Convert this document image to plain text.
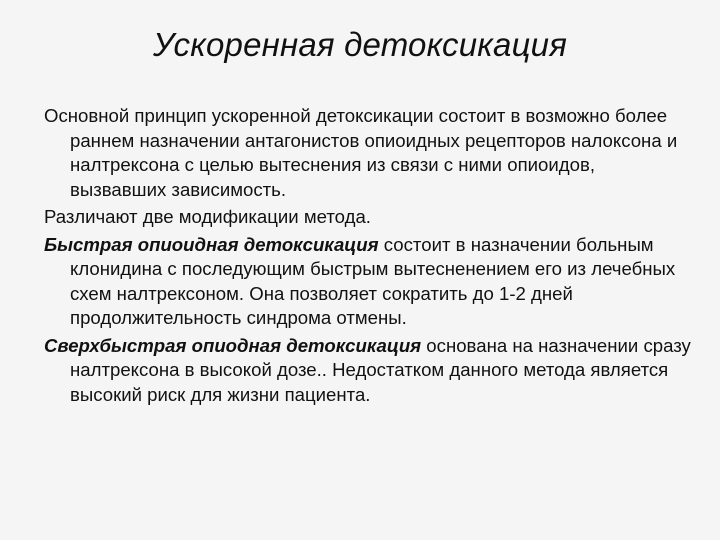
Ускоренная детоксикация

Основной принцип ускоренной детоксикации состоит в возможно более раннем назначении антагонистов опиоидных рецепторов налоксона и налтрексона с целью вытеснения из связи с ними опиоидов, вызвавших зависимость.

Различают две модификации метода.

Быстрая опиоидная детоксикация состоит в назначении больным клонидина с последующим быстрым вытесненением его из лечебных схем налтрексоном. Она позволяет сократить до 1-2 дней продолжительность синдрома отмены.

Сверхбыстрая опиодная детоксикация основана на назначении сразу налтрексона в высокой дозе.. Недостатком данного метода является высокий риск для жизни пациента.
